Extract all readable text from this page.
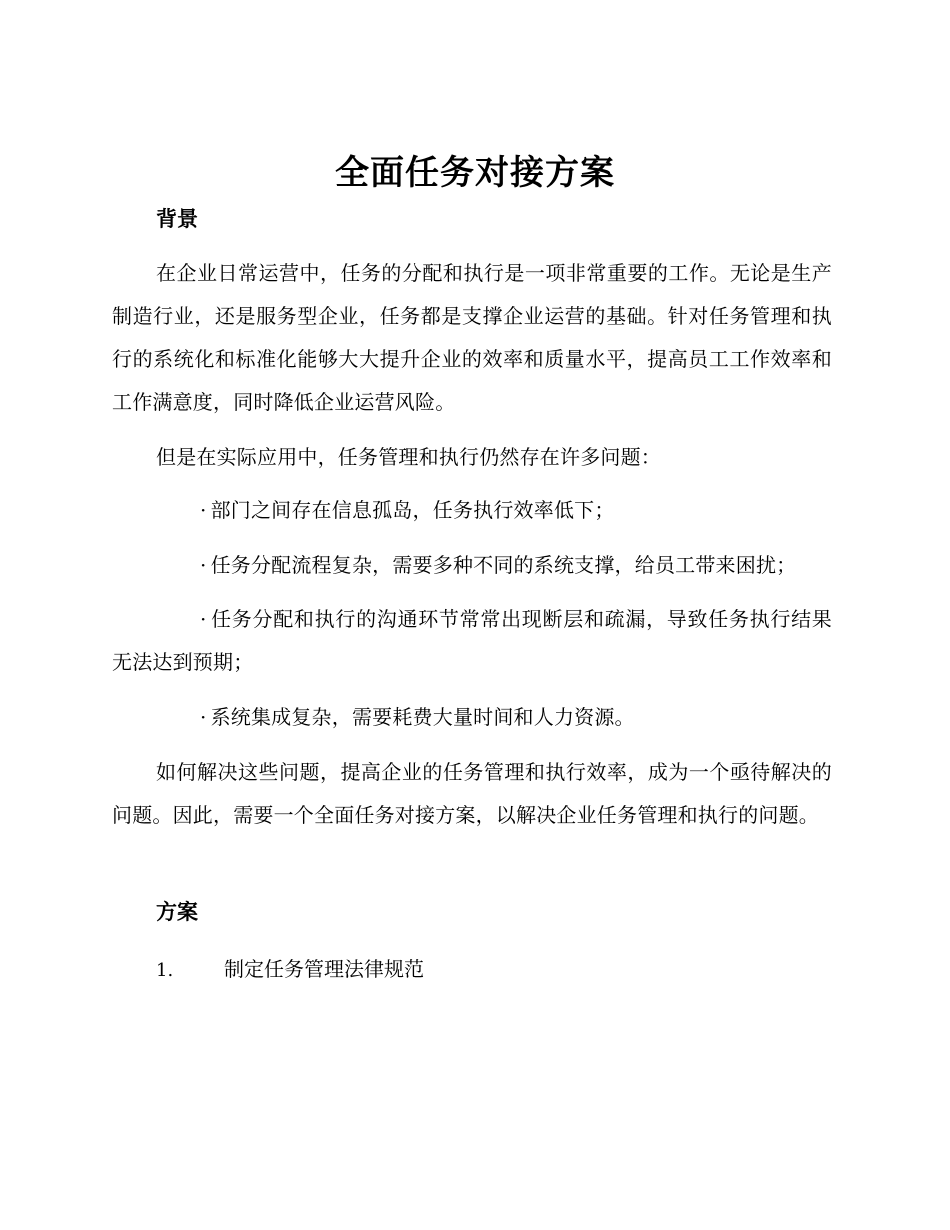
全面任务对接方案
背景

在企业日常运营中，任务的分配和执行是一项非常重要的工作。无论是生产制造行业，还是服务型企业，任务都是支撑企业运营的基础。针对任务管理和执行的系统化和标准化能够大大提升企业的效率和质量水平，提高员工工作效率和工作满意度，同时降低企业运营风险。

但是在实际应用中，任务管理和执行仍然存在许多问题：

· 部门之间存在信息孤岛，任务执行效率低下；

· 任务分配流程复杂，需要多种不同的系统支撑，给员工带来困扰；

· 任务分配和执行的沟通环节常常出现断层和疏漏，导致任务执行结果无法达到预期；

· 系统集成复杂，需要耗费大量时间和人力资源。

如何解决这些问题，提高企业的任务管理和执行效率，成为一个亟待解决的问题。因此，需要一个全面任务对接方案，以解决企业任务管理和执行的问题。

方案

1.	制定任务管理法律规范
